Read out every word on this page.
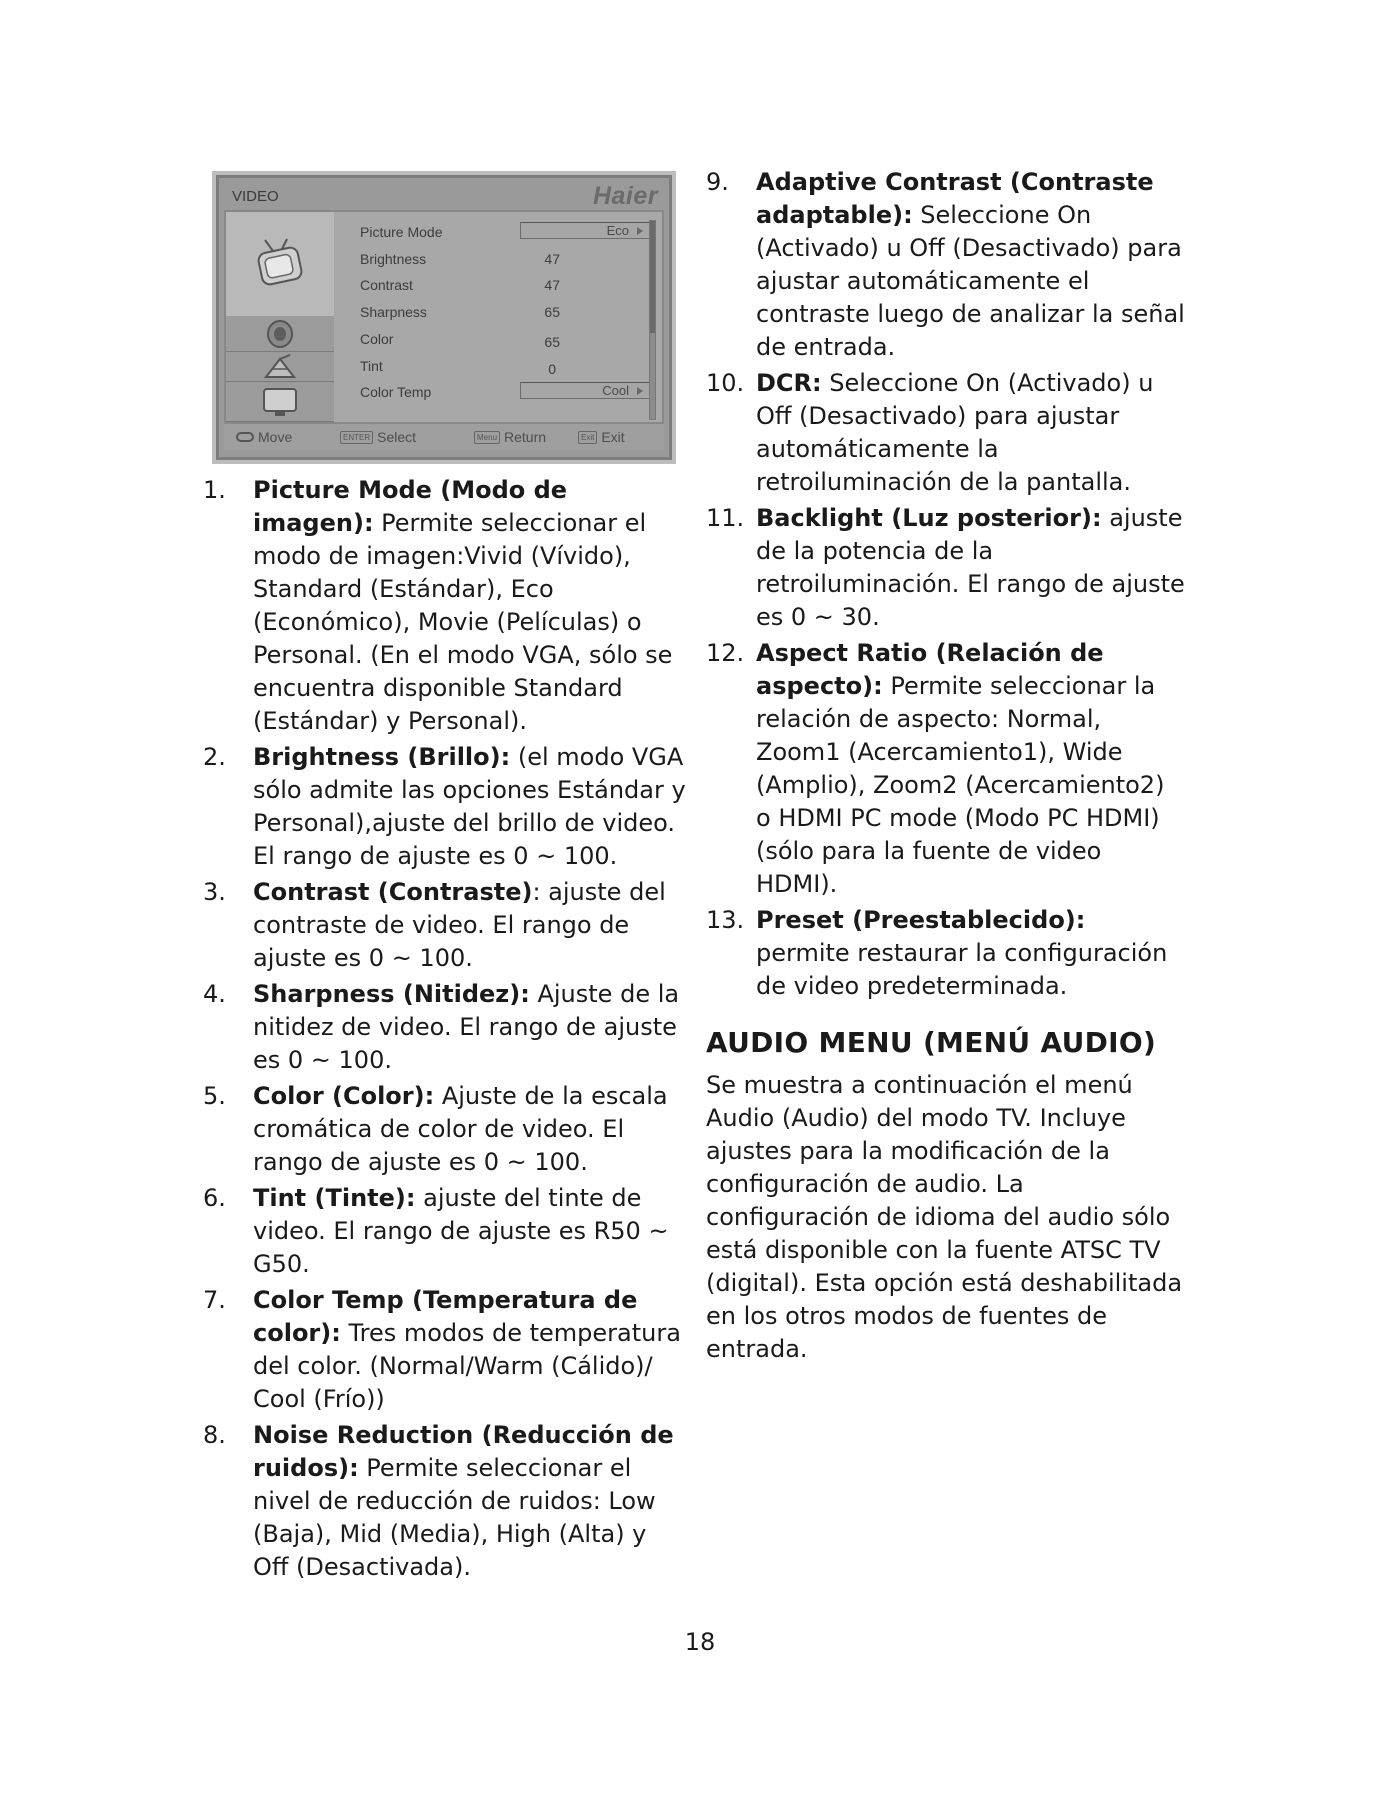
VIDEO	Haier
Picture Mode	Eco
Brightness	47
Contrast	47
Sharpness	65
Color	65
Tint	0
Color Temp	Cool
Move	ENTER Select	Menu Return	Exit Exit
1. Picture Mode (Modo de imagen): Permite seleccionar el modo de imagen:Vivid (Vívido), Standard (Estándar), Eco (Económico), Movie (Películas) o Personal. (En el modo VGA, sólo se encuentra disponible Standard (Estándar) y Personal).
2. Brightness (Brillo): (el modo VGA sólo admite las opciones Estándar y Personal),ajuste del brillo de video. El rango de ajuste es 0 ~ 100.
3. Contrast (Contraste): ajuste del contraste de video. El rango de ajuste es 0 ~ 100.
4. Sharpness (Nitidez): Ajuste de la nitidez de video. El rango de ajuste es 0 ~ 100.
5. Color (Color): Ajuste de la escala cromática de color de video. El rango de ajuste es 0 ~ 100.
6. Tint (Tinte): ajuste del tinte de video. El rango de ajuste es R50 ~ G50.
7. Color Temp (Temperatura de color): Tres modos de temperatura del color. (Normal/Warm (Cálido)/ Cool (Frío))
8. Noise Reduction (Reducción de ruidos): Permite seleccionar el nivel de reducción de ruidos: Low (Baja), Mid (Media), High (Alta) y Off (Desactivada).
9. Adaptive Contrast (Contraste adaptable): Seleccione On (Activado) u Off (Desactivado) para ajustar automáticamente el contraste luego de analizar la señal de entrada.
10. DCR: Seleccione On (Activado) u Off (Desactivado) para ajustar automáticamente la retroiluminación de la pantalla.
11. Backlight (Luz posterior): ajuste de la potencia de la retroiluminación. El rango de ajuste es 0 ~ 30.
12. Aspect Ratio (Relación de aspecto): Permite seleccionar la relación de aspecto: Normal, Zoom1 (Acercamiento1), Wide (Amplio), Zoom2 (Acercamiento2) o HDMI PC mode (Modo PC HDMI) (sólo para la fuente de video HDMI).
13. Preset (Preestablecido): permite restaurar la configuración de video predeterminada.
AUDIO MENU (MENÚ AUDIO)

Se muestra a continuación el menú Audio (Audio) del modo TV. Incluye ajustes para la modificación de la configuración de audio. La configuración de idioma del audio sólo está disponible con la fuente ATSC TV (digital). Esta opción está deshabilitada en los otros modos de fuentes de entrada.

18
